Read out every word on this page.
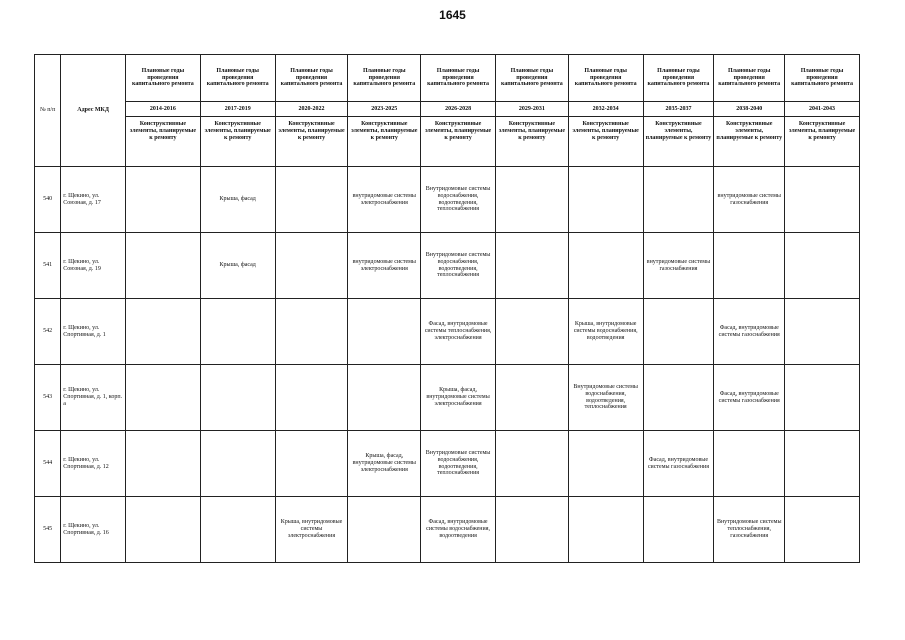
1645
№ п/п	Адрес МКД	Плановые годы проведения капитального ремонта	Плановые годы проведения капитального ремонта	Плановые годы проведения капитального ремонта	Плановые годы проведения капитального ремонта	Плановые годы проведения капитального ремонта	Плановые годы проведения капитального ремонта	Плановые годы проведения капитального ремонта	Плановые годы проведения капитального ремонта	Плановые годы проведения капитального ремонта	Плановые годы проведения капитального ремонта
		2014-2016	2017-2019	2020-2022	2023-2025	2026-2028	2029-2031	2032-2034	2035-2037	2038-2040	2041-2043
		Конструктивные элементы, планируемые к ремонту	Конструктивные элементы, планируемые к ремонту	Конструктивные элементы, планируемые к ремонту	Конструктивные элементы, планируемые к ремонту	Конструктивные элементы, планируемые к ремонту	Конструктивные элементы, планируемые к ремонту	Конструктивные элементы, планируемые к ремонту	Конструктивные элементы, планируемые к ремонту	Конструктивные элементы, планируемые к ремонту	Конструктивные элементы, планируемые к ремонту
540	г. Щекино, ул. Союзная, д. 17		Крыша, фасад		внутридомовые системы электроснабжения	Внутридомовые системы водоснабжения, водоотведения, теплоснабжения				внутридомовые системы газоснабжения	
541	г. Щекино, ул. Союзная, д. 19		Крыша, фасад		внутридомовые системы электроснабжения	Внутридомовые системы водоснабжения, водоотведения, теплоснабжения			внутридомовые системы газоснабжения		
542	г. Щекино, ул. Спортивная, д. 1					Фасад, внутридомовые системы теплоснабжения, электроснабжения		Крыша, внутридомовые системы водоснабжения, водоотведения		Фасад, внутридомовые системы газоснабжения	
543	г. Щекино, ул. Спортивная, д. 1, корп. а					Крыша, фасад, внутридомовые системы электроснабжения		Внутридомовые системы водоснабжения, водоотведения, теплоснабжения		Фасад, внутридомовые системы газоснабжения	
544	г. Щекино, ул. Спортивная, д. 12				Крыша, фасад, внутридомовые системы электроснабжения	Внутридомовые системы водоснабжения, водоотведения, теплоснабжения			Фасад, внутридомовые системы газоснабжения		
545	г. Щекино, ул. Спортивная, д. 16			Крыша, внутридомовые системы электроснабжения		Фасад, внутридомовые системы водоснабжения, водоотведения				Внутридомовые системы теплоснабжения, газоснабжения	
